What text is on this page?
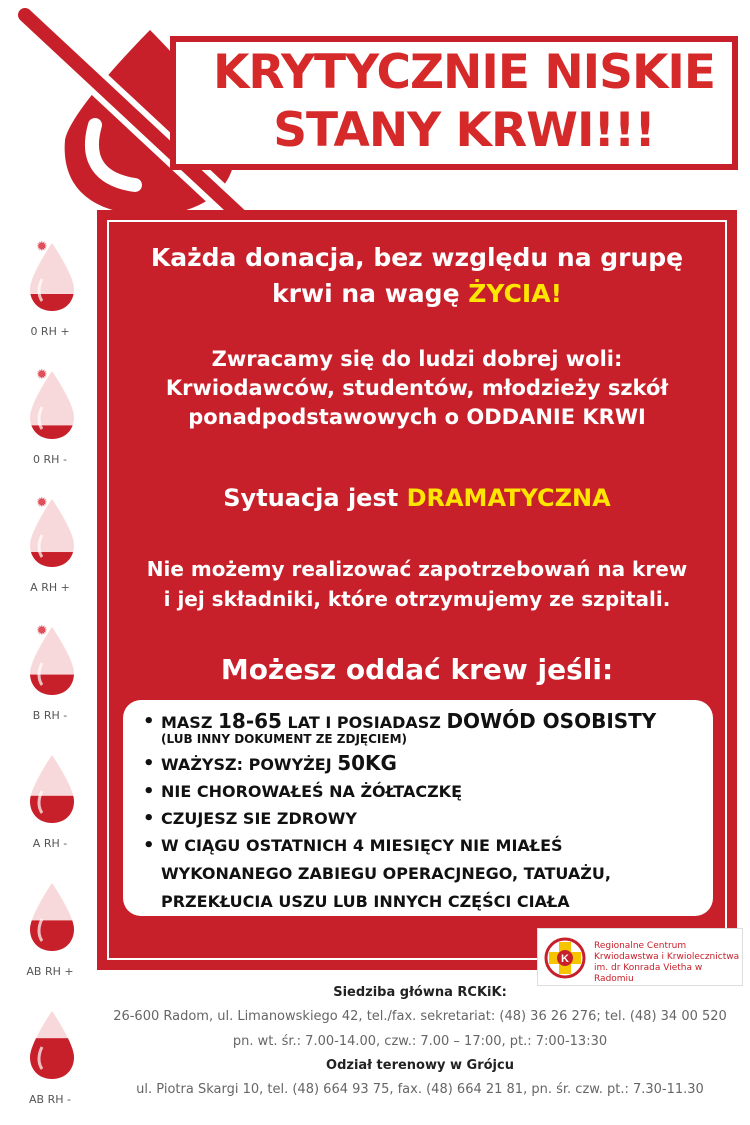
KRYTYCZNIE NISKIE
STANY KRWI!!!
✹
0 RH +
✹
0 RH -
✹
A RH +
✹
B RH -
A RH -
AB RH +
AB RH -
Każda donacja, bez względu na grupę
krwi na wagę ŻYCIA!
Zwracamy się do ludzi dobrej woli:
Krwiodawców, studentów, młodzieży szkół
ponadpodstawowych o ODDANIE KRWI
Sytuacja jest DRAMATYCZNA
Nie możemy realizować zapotrzebowań na krew
i jej składniki, które otrzymujemy ze szpitali.
Możesz oddać krew jeśli:
• MASZ 18-65 LAT I POSIADASZ DOWÓD OSOBISTY
(LUB INNY DOKUMENT ZE ZDJĘCIEM)
• WAŻYSZ: POWYŻEJ 50KG
• NIE CHOROWAŁEŚ NA ŻÓŁTACZKĘ
• CZUJESZ SIE ZDROWY
• W CIĄGU OSTATNICH 4 MIESIĘCY NIE MIAŁEŚ
WYKONANEGO ZABIEGU OPERACJNEGO, TATUAŻU,
PRZEKŁUCIA USZU LUB INNYCH CZĘŚCI CIAŁA
K
Regionalne Centrum
Krwiodawstwa i Krwiolecznictwa
im. dr Konrada Vietha w Radomiu
Siedziba główna RCKiK:
26-600 Radom, ul. Limanowskiego 42, tel./fax. sekretariat: (48) 36 26 276; tel. (48) 34 00 520
pn. wt. śr.: 7.00-14.00, czw.: 7.00 – 17:00, pt.: 7:00-13:30
Odział terenowy w Grójcu
ul. Piotra Skargi 10, tel. (48) 664 93 75, fax. (48) 664 21 81, pn. śr. czw. pt.: 7.30-11.30
